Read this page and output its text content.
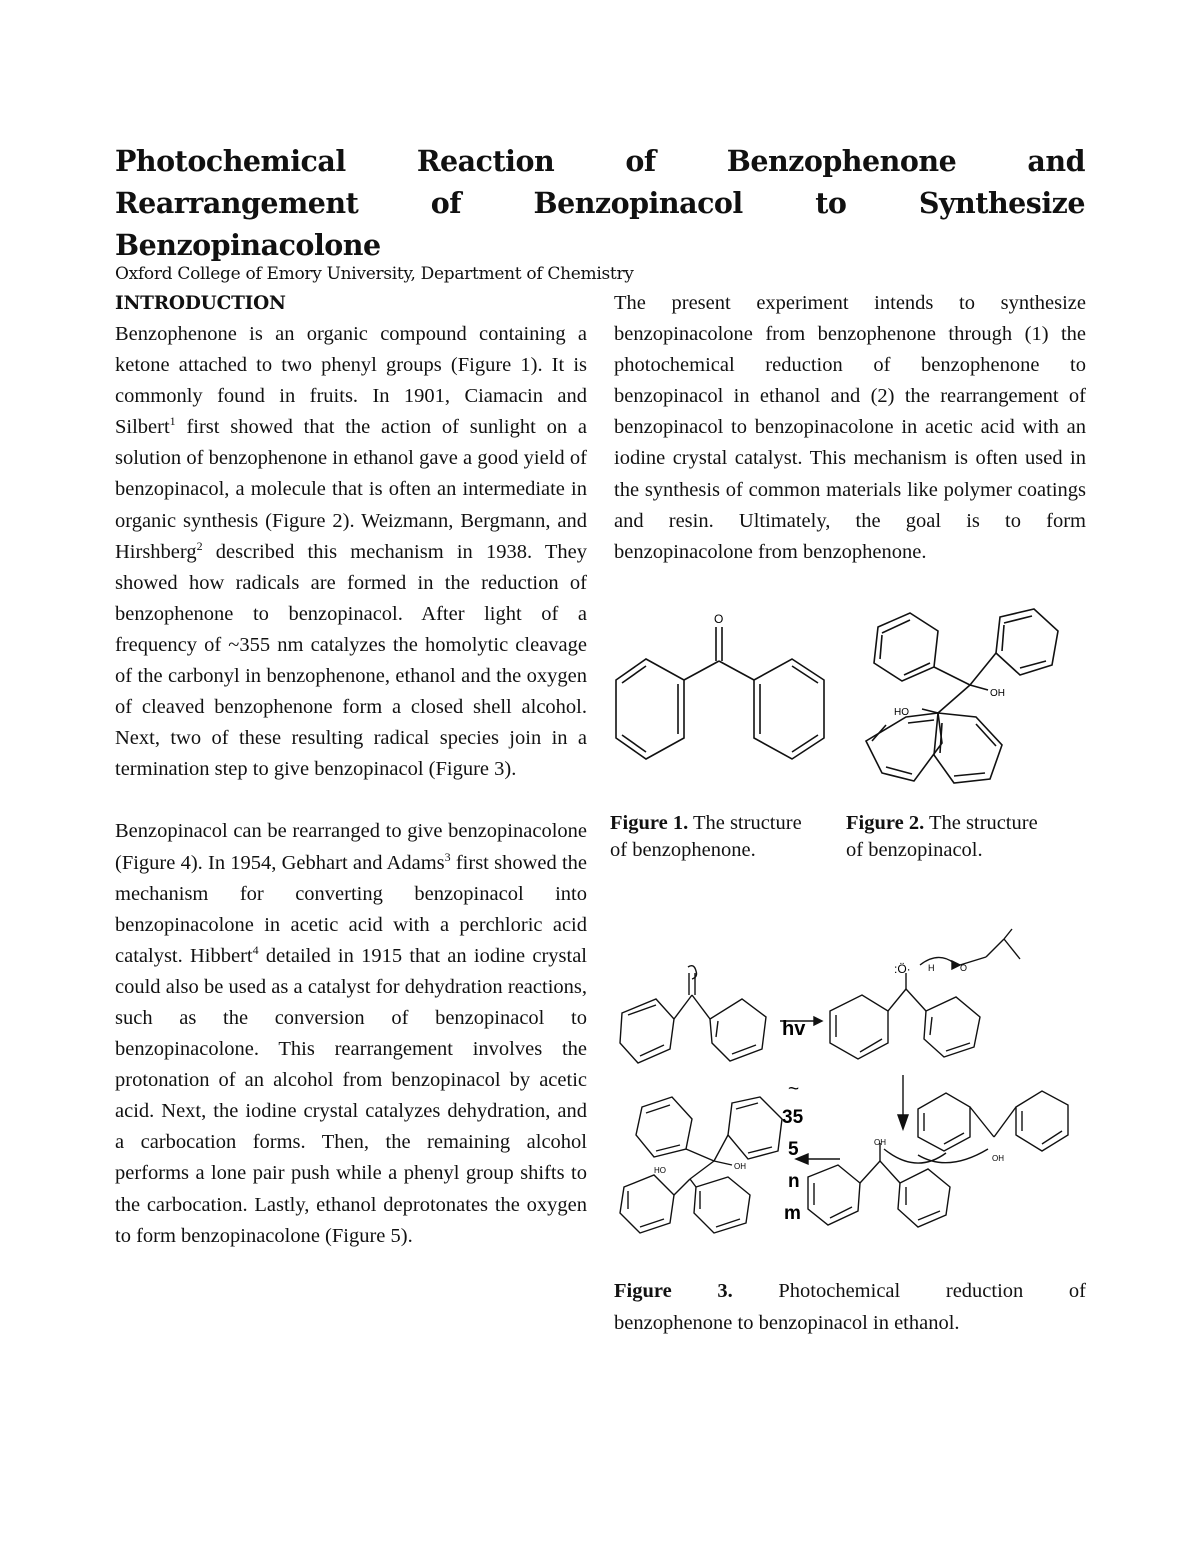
Photochemical Reaction of Benzophenone and Rearrangement of Benzopinacol to Synthesize Benzopinacolone

Oxford College of Emory University, Department of Chemistry

INTRODUCTION

Benzophenone is an organic compound containing a ketone attached to two phenyl groups (Figure 1). It is commonly found in fruits. In 1901, Ciamacin and Silbert$^1$ first showed that the action of sunlight on a solution of benzophenone in ethanol gave a good yield of benzopinacol, a molecule that is often an intermediate in organic synthesis (Figure 2). Weizmann, Bergmann, and Hirshberg$^2$ described this mechanism in 1938. They showed how radicals are formed in the reduction of benzophenone to benzopinacol. After light of a frequency of ~355 nm catalyzes the homolytic cleavage of the carbonyl in benzophenone, ethanol and the oxygen of cleaved benzophenone form a closed shell alcohol. Next, two of these resulting radical species join in a termination step to give benzopinacol (Figure 3).

Benzopinacol can be rearranged to give benzopinacolone (Figure 4). In 1954, Gebhart and Adams$^3$ first showed the mechanism for converting benzopinacol into benzopinacolone in acetic acid with a perchloric acid catalyst. Hibbert$^4$ detailed in 1915 that an iodine crystal could also be used as a catalyst for dehydration reactions, such as the conversion of benzopinacol to benzopinacolone. This rearrangement involves the protonation of an alcohol from benzopinacol by acetic acid. Next, the iodine crystal catalyzes dehydration, and a carbocation forms. Then, the remaining alcohol performs a lone pair push while a phenyl group shifts to the carbocation. Lastly, ethanol deprotonates the oxygen to form benzopinacolone (Figure 5).

The present experiment intends to synthesize benzopinacolone from benzophenone through (1) the photochemical reduction of benzophenone to benzopinacol in ethanol and (2) the rearrangement of benzopinacol to benzopinacolone in acetic acid with an iodine crystal catalyst. This mechanism is often used in the synthesis of common materials like polymer coatings and resin. Ultimately, the goal is to form benzopinacolone from benzophenone.

O

Figure 1. The structure of benzophenone.

OH
HO

Figure 2. The structure of benzopinacol.

hv
~
35
5
n
m
:Ö· H	O
OH
OH
OH
HO

Figure 3. Photochemical reduction of
benzophenone to benzopinacol in ethanol.
